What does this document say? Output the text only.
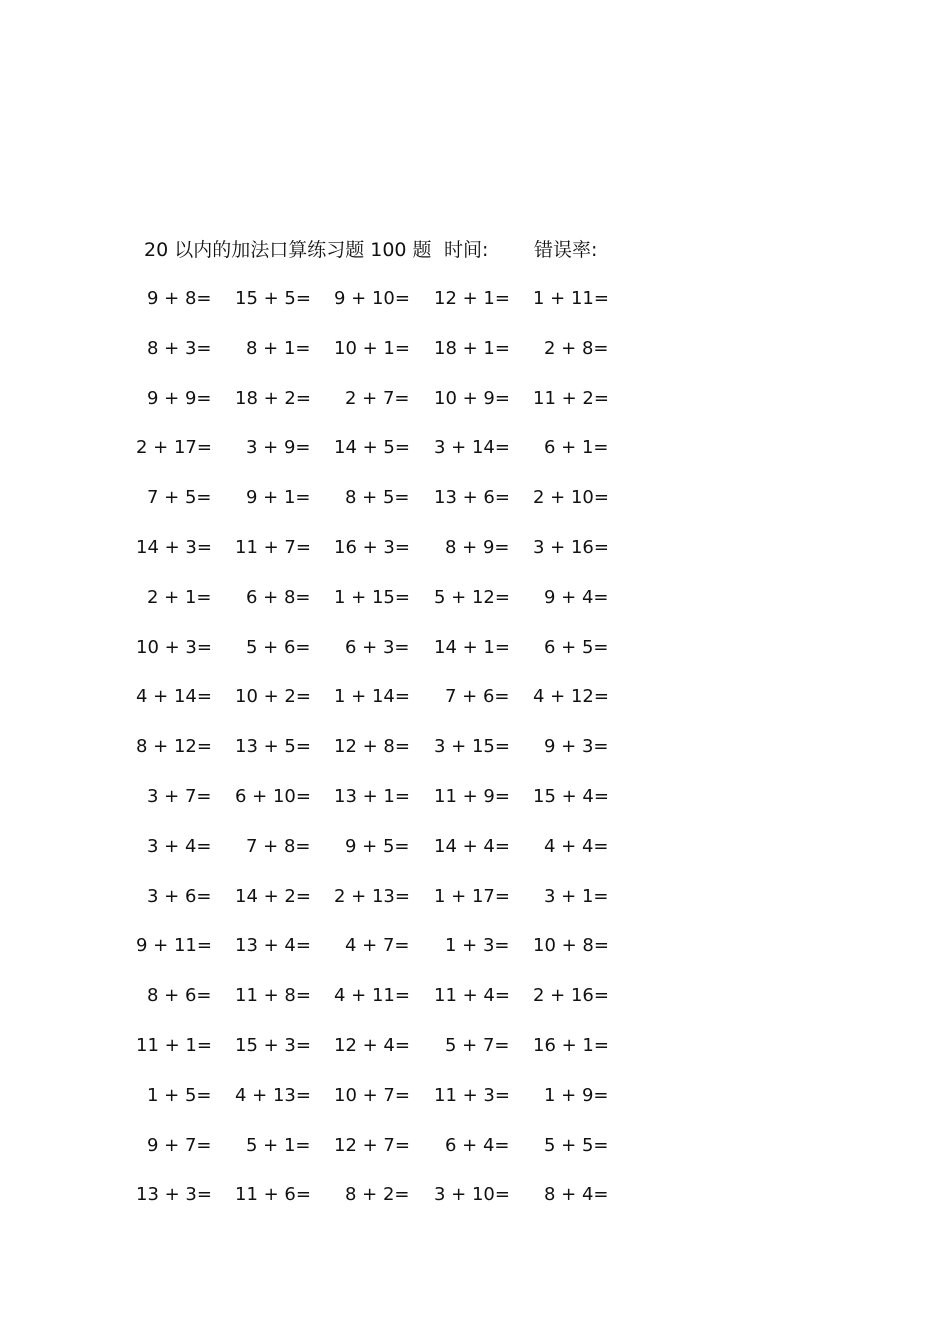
20 以内的加法口算练习题 100 题 时间: 错误率:
9 + 8= 15 + 5= 9 + 10= 12 + 1= 1 + 11=
8 + 3= 8 + 1= 10 + 1= 18 + 1= 2 + 8=
9 + 9= 18 + 2= 2 + 7= 10 + 9= 11 + 2=
2 + 17= 3 + 9= 14 + 5= 3 + 14= 6 + 1=
7 + 5= 9 + 1= 8 + 5= 13 + 6= 2 + 10=
14 + 3= 11 + 7= 16 + 3= 8 + 9= 3 + 16=
2 + 1= 6 + 8= 1 + 15= 5 + 12= 9 + 4=
10 + 3= 5 + 6= 6 + 3= 14 + 1= 6 + 5=
4 + 14= 10 + 2= 1 + 14= 7 + 6= 4 + 12=
8 + 12= 13 + 5= 12 + 8= 3 + 15= 9 + 3=
3 + 7= 6 + 10= 13 + 1= 11 + 9= 15 + 4=
3 + 4= 7 + 8= 9 + 5= 14 + 4= 4 + 4=
3 + 6= 14 + 2= 2 + 13= 1 + 17= 3 + 1=
9 + 11= 13 + 4= 4 + 7= 1 + 3= 10 + 8=
8 + 6= 11 + 8= 4 + 11= 11 + 4= 2 + 16=
11 + 1= 15 + 3= 12 + 4= 5 + 7= 16 + 1=
1 + 5= 4 + 13= 10 + 7= 11 + 3= 1 + 9=
9 + 7= 5 + 1= 12 + 7= 6 + 4= 5 + 5=
13 + 3= 11 + 6= 8 + 2= 3 + 10= 8 + 4=
